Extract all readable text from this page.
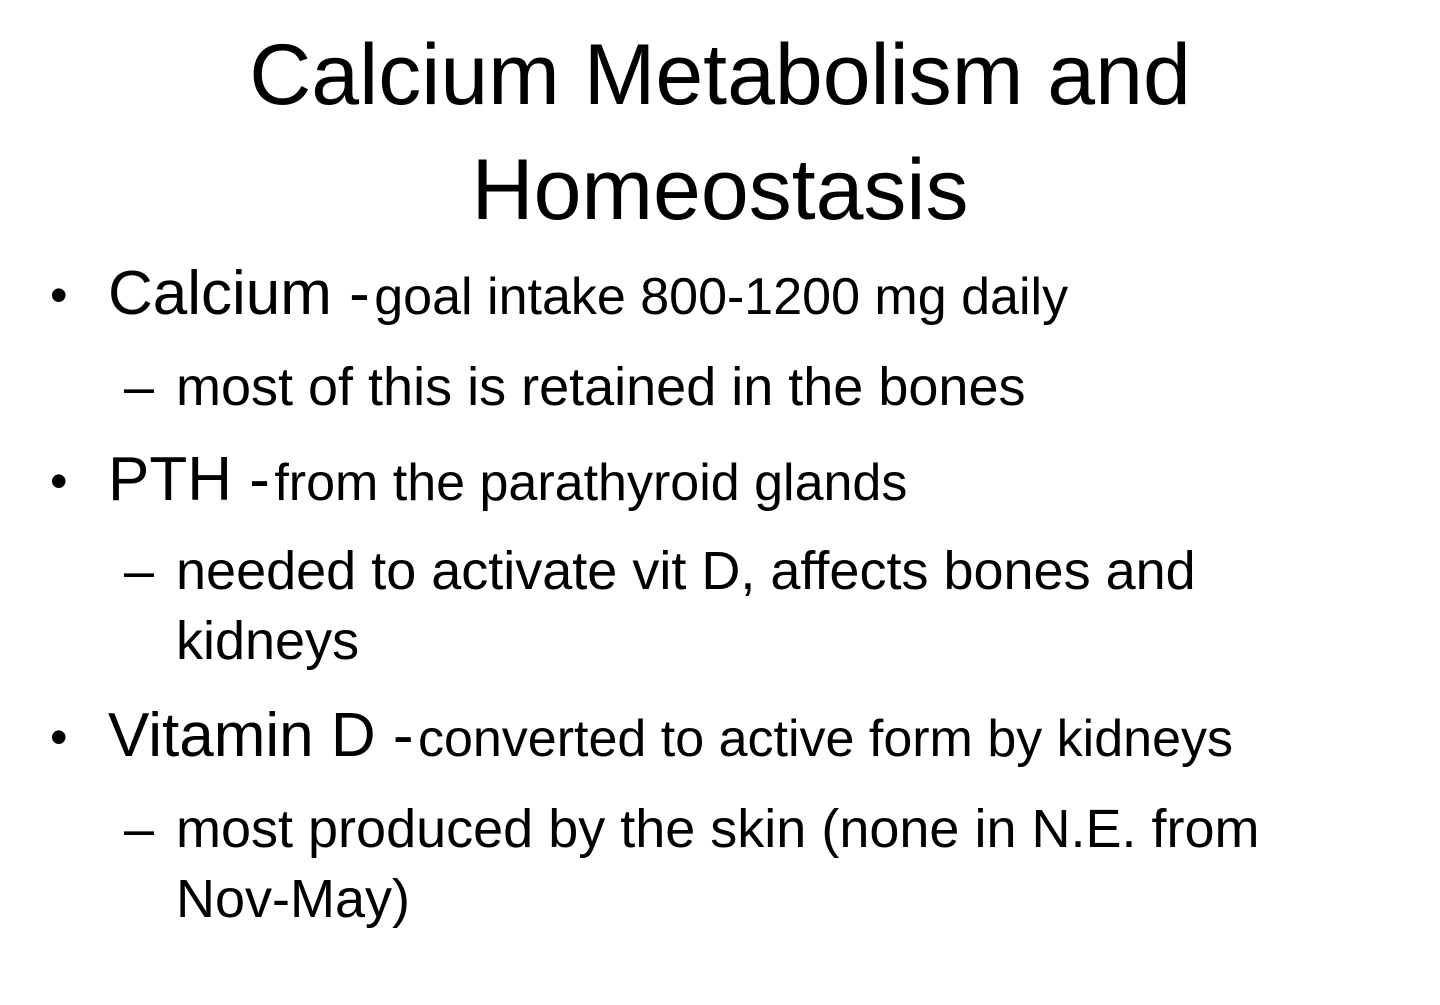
Calcium Metabolism and
Homeostasis
• Calcium - goal intake 800-1200 mg daily
– most of this is retained in the bones
• PTH - from the parathyroid glands
– needed to activate vit D, affects bones and
kidneys
• Vitamin D - converted to active form by kidneys
– most produced by the skin (none in N.E. from
Nov-May)
